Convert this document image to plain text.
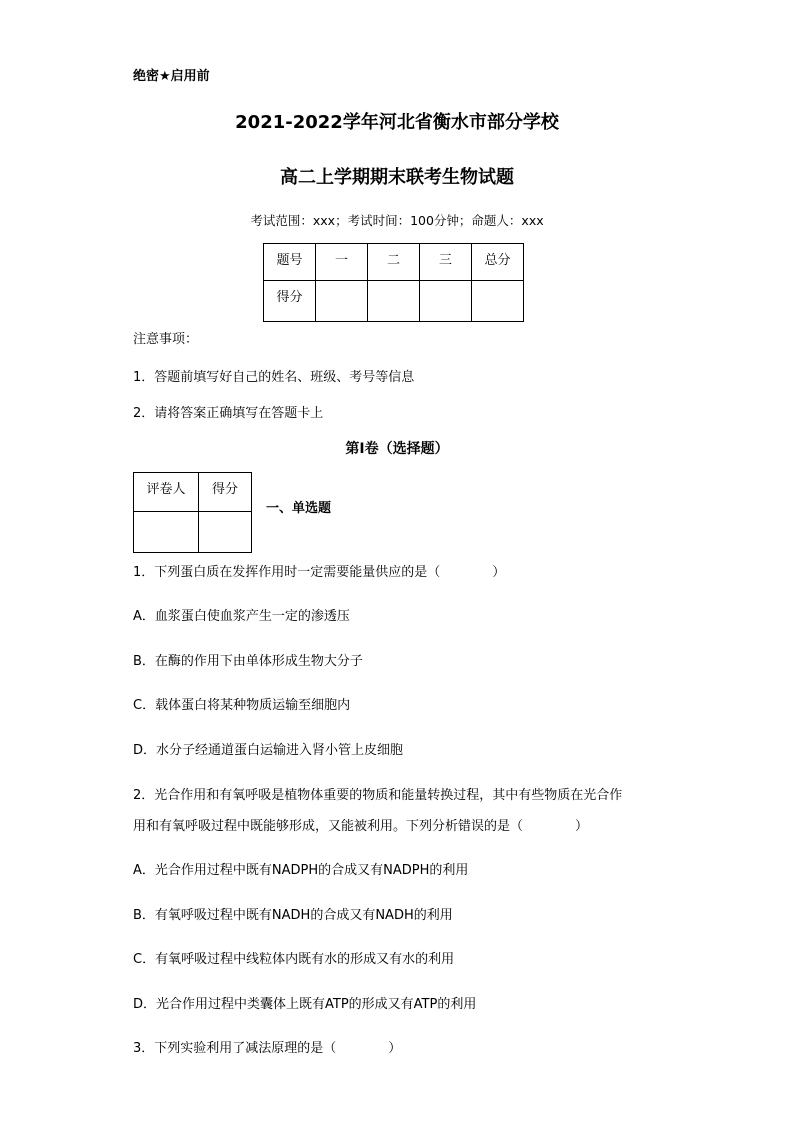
绝密★启用前
2021-2022学年河北省衡水市部分学校
高二上学期期末联考生物试题
考试范围：xxx；考试时间：100分钟；命题人：xxx
题号	一	二	三	总分
得分				
注意事项：
1．答题前填写好自己的姓名、班级、考号等信息
2．请将答案正确填写在答题卡上
第I卷（选择题）
评卷人	得分

一、单选题
1．下列蛋白质在发挥作用时一定需要能量供应的是（　　　　）
A．血浆蛋白使血浆产生一定的渗透压
B．在酶的作用下由单体形成生物大分子
C．载体蛋白将某种物质运输至细胞内
D．水分子经通道蛋白运输进入肾小管上皮细胞
2．光合作用和有氧呼吸是植物体重要的物质和能量转换过程，其中有些物质在光合作
用和有氧呼吸过程中既能够形成，又能被利用。下列分析错误的是（　　　　）
A．光合作用过程中既有NADPH的合成又有NADPH的利用
B．有氧呼吸过程中既有NADH的合成又有NADH的利用
C．有氧呼吸过程中线粒体内既有水的形成又有水的利用
D．光合作用过程中类囊体上既有ATP的形成又有ATP的利用
3．下列实验利用了减法原理的是（　　　　）
